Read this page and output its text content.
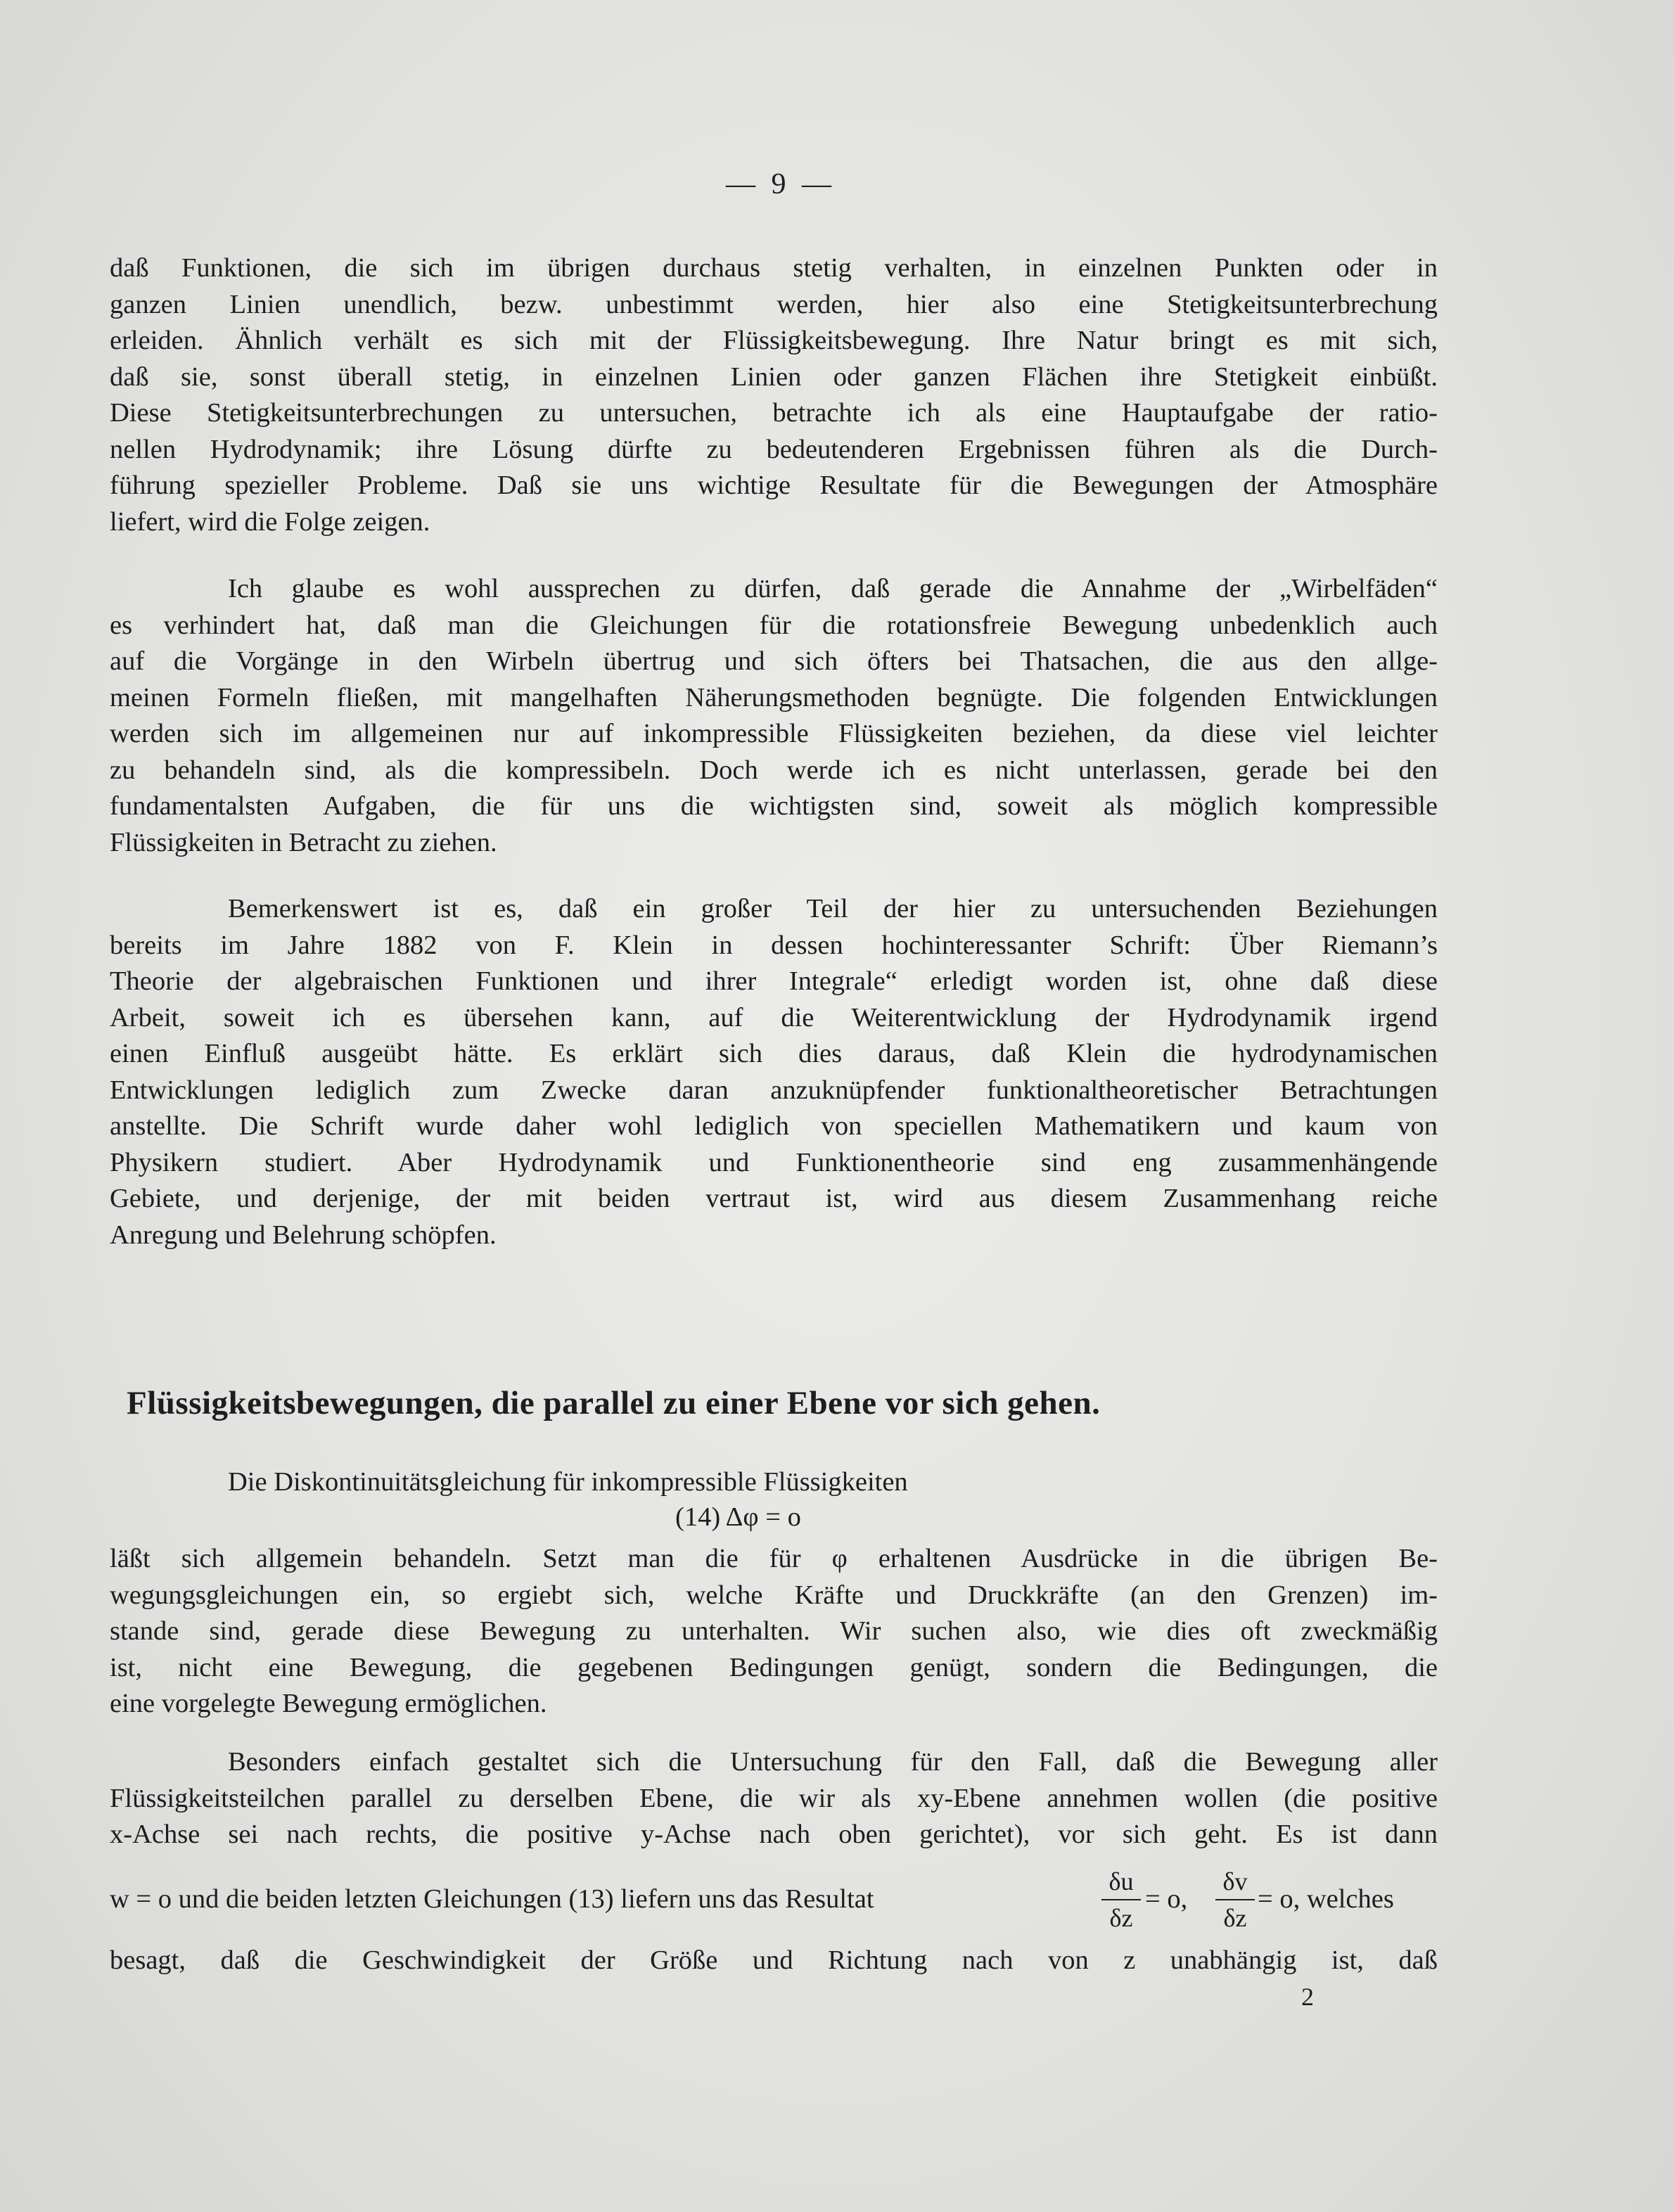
— 9 —
daß Funktionen, die sich im übrigen durchaus stetig verhalten, in einzelnen Punkten oder in
ganzen Linien unendlich, bezw. unbestimmt werden, hier also eine Stetigkeitsunterbrechung
erleiden. Ähnlich verhält es sich mit der Flüssigkeitsbewegung. Ihre Natur bringt es mit sich,
daß sie, sonst überall stetig, in einzelnen Linien oder ganzen Flächen ihre Stetigkeit einbüßt.
Diese Stetigkeitsunterbrechungen zu untersuchen, betrachte ich als eine Hauptaufgabe der ratio-
nellen Hydrodynamik; ihre Lösung dürfte zu bedeutenderen Ergebnissen führen als die Durch-
führung spezieller Probleme. Daß sie uns wichtige Resultate für die Bewegungen der Atmosphäre
liefert, wird die Folge zeigen.
Ich glaube es wohl aussprechen zu dürfen, daß gerade die Annahme der „Wirbelfäden“
es verhindert hat, daß man die Gleichungen für die rotationsfreie Bewegung unbedenklich auch
auf die Vorgänge in den Wirbeln übertrug und sich öfters bei Thatsachen, die aus den allge-
meinen Formeln fließen, mit mangelhaften Näherungsmethoden begnügte. Die folgenden Entwicklungen
werden sich im allgemeinen nur auf inkompressible Flüssigkeiten beziehen, da diese viel leichter
zu behandeln sind, als die kompressibeln. Doch werde ich es nicht unterlassen, gerade bei den
fundamentalsten Aufgaben, die für uns die wichtigsten sind, soweit als möglich kompressible
Flüssigkeiten in Betracht zu ziehen.
Bemerkenswert ist es, daß ein großer Teil der hier zu untersuchenden Beziehungen
bereits im Jahre 1882 von F. Klein in dessen hochinteressanter Schrift: Über Riemann’s
Theorie der algebraischen Funktionen und ihrer Integrale“ erledigt worden ist, ohne daß diese
Arbeit, soweit ich es übersehen kann, auf die Weiterentwicklung der Hydrodynamik irgend
einen Einfluß ausgeübt hätte. Es erklärt sich dies daraus, daß Klein die hydrodynamischen
Entwicklungen lediglich zum Zwecke daran anzuknüpfender funktionaltheoretischer Betrachtungen
anstellte. Die Schrift wurde daher wohl lediglich von speciellen Mathematikern und kaum von
Physikern studiert. Aber Hydrodynamik und Funktionentheorie sind eng zusammenhängende
Gebiete, und derjenige, der mit beiden vertraut ist, wird aus diesem Zusammenhang reiche
Anregung und Belehrung schöpfen.
Flüssigkeitsbewegungen, die parallel zu einer Ebene vor sich gehen.
Die Diskontinuitätsgleichung für inkompressible Flüssigkeiten
(14) Δφ = o
läßt sich allgemein behandeln. Setzt man die für φ erhaltenen Ausdrücke in die übrigen Be-
wegungsgleichungen ein, so ergiebt sich, welche Kräfte und Druckkräfte (an den Grenzen) im-
stande sind, gerade diese Bewegung zu unterhalten. Wir suchen also, wie dies oft zweckmäßig
ist, nicht eine Bewegung, die gegebenen Bedingungen genügt, sondern die Bedingungen, die
eine vorgelegte Bewegung ermöglichen.
Besonders einfach gestaltet sich die Untersuchung für den Fall, daß die Bewegung aller
Flüssigkeitsteilchen parallel zu derselben Ebene, die wir als xy-Ebene annehmen wollen (die positive
x-Achse sei nach rechts, die positive y-Achse nach oben gerichtet), vor sich geht. Es ist dann
w = o und die beiden letzten Gleichungen (13) liefern uns das Resultat
δu
δz
= o,
δv
δz
= o, welches
besagt, daß die Geschwindigkeit der Größe und Richtung nach von z unabhängig ist, daß
2
